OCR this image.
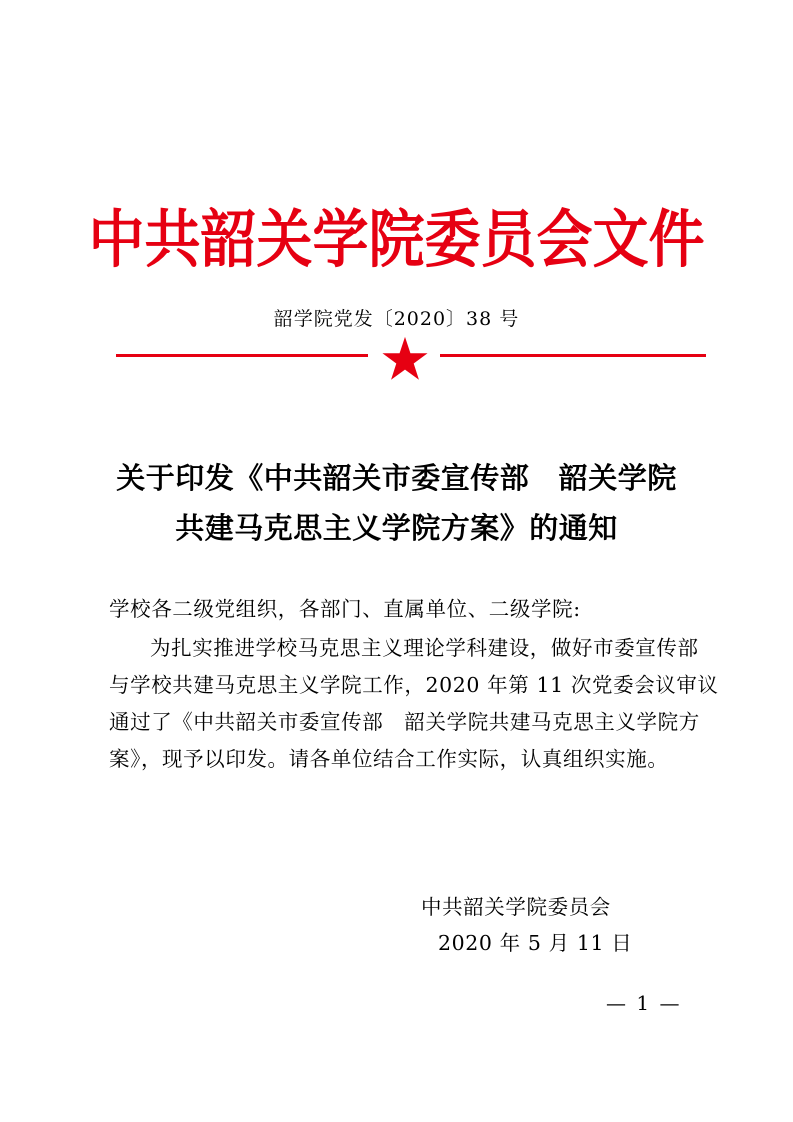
中共韶关学院委员会文件
韶学院党发〔2020〕38 号
关于印发《中共韶关市委宣传部　韶关学院
共建马克思主义学院方案》的通知
学校各二级党组织，各部门、直属单位、二级学院:
为扎实推进学校马克思主义理论学科建设，做好市委宣传部
与学校共建马克思主义学院工作，2020 年第 11 次党委会议审议
通过了《中共韶关市委宣传部　韶关学院共建马克思主义学院方
案》，现予以印发。请各单位结合工作实际，认真组织实施。
中共韶关学院委员会
2020 年 5 月 11 日
— 1 —
